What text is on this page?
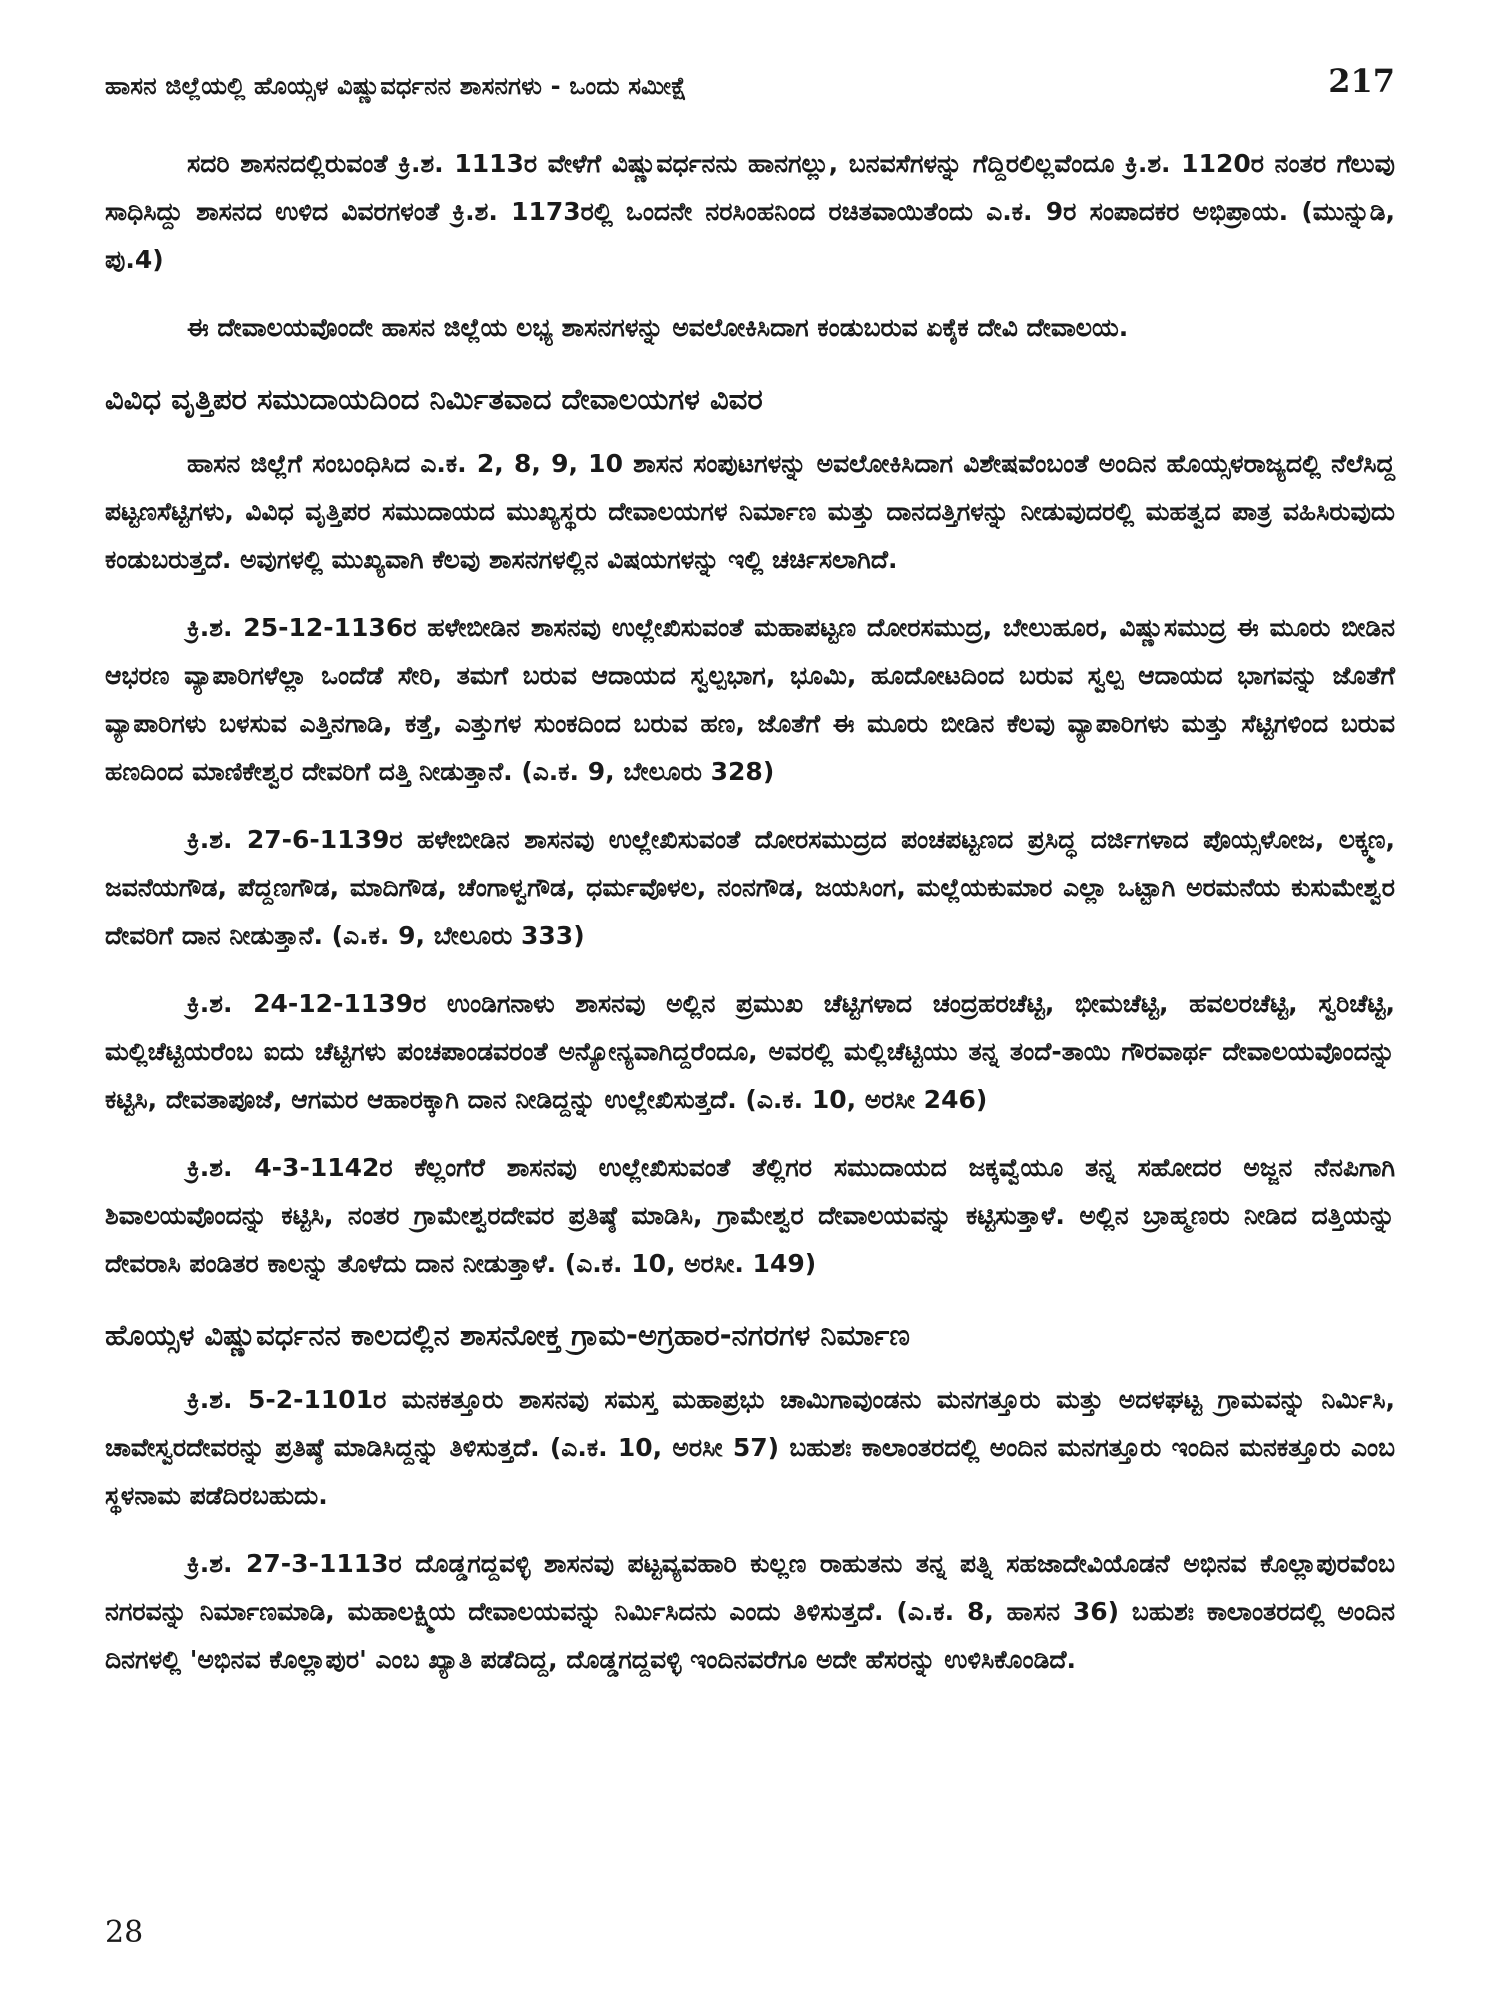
ಹಾಸನ ಜಿಲ್ಲೆಯಲ್ಲಿ ಹೊಯ್ಸಳ ವಿಷ್ಣುವರ್ಧನನ ಶಾಸನಗಳು - ಒಂದು ಸಮೀಕ್ಷೆ	217

ಸದರಿ ಶಾಸನದಲ್ಲಿರುವಂತೆ ಕ್ರಿ.ಶ. 1113ರ ವೇಳೆಗೆ ವಿಷ್ಣುವರ್ಧನನು ಹಾನಗಲ್ಲು, ಬನವಸೆಗಳನ್ನು ಗೆದ್ದಿರಲಿಲ್ಲವೆಂದೂ ಕ್ರಿ.ಶ. 1120ರ ನಂತರ ಗೆಲುವು ಸಾಧಿಸಿದ್ದು ಶಾಸನದ ಉಳಿದ ವಿವರಗಳಂತೆ ಕ್ರಿ.ಶ. 1173ರಲ್ಲಿ ಒಂದನೇ ನರಸಿಂಹನಿಂದ ರಚಿತವಾಯಿತೆಂದು ಎ.ಕ. 9ರ ಸಂಪಾದಕರ ಅಭಿಪ್ರಾಯ. (ಮುನ್ನುಡಿ, ಪು.4)

ಈ ದೇವಾಲಯವೊಂದೇ ಹಾಸನ ಜಿಲ್ಲೆಯ ಲಭ್ಯ ಶಾಸನಗಳನ್ನು ಅವಲೋಕಿಸಿದಾಗ ಕಂಡುಬರುವ ಏಕೈಕ ದೇವಿ ದೇವಾಲಯ.

ವಿವಿಧ ವೃತ್ತಿಪರ ಸಮುದಾಯದಿಂದ ನಿರ್ಮಿತವಾದ ದೇವಾಲಯಗಳ ವಿವರ

ಹಾಸನ ಜಿಲ್ಲೆಗೆ ಸಂಬಂಧಿಸಿದ ಎ.ಕ. 2, 8, 9, 10 ಶಾಸನ ಸಂಪುಟಗಳನ್ನು ಅವಲೋಕಿಸಿದಾಗ ವಿಶೇಷವೆಂಬಂತೆ ಅಂದಿನ ಹೊಯ್ಸಳರಾಜ್ಯದಲ್ಲಿ ನೆಲೆಸಿದ್ದ ಪಟ್ಟಣಸೆಟ್ಟಿಗಳು, ವಿವಿಧ ವೃತ್ತಿಪರ ಸಮುದಾಯದ ಮುಖ್ಯಸ್ಥರು ದೇವಾಲಯಗಳ ನಿರ್ಮಾಣ ಮತ್ತು ದಾನದತ್ತಿಗಳನ್ನು ನೀಡುವುದರಲ್ಲಿ ಮಹತ್ವದ ಪಾತ್ರ ವಹಿಸಿರುವುದು ಕಂಡುಬರುತ್ತದೆ. ಅವುಗಳಲ್ಲಿ ಮುಖ್ಯವಾಗಿ ಕೆಲವು ಶಾಸನಗಳಲ್ಲಿನ ವಿಷಯಗಳನ್ನು ಇಲ್ಲಿ ಚರ್ಚಿಸಲಾಗಿದೆ.

ಕ್ರಿ.ಶ. 25-12-1136ರ ಹಳೇಬೀಡಿನ ಶಾಸನವು ಉಲ್ಲೇಖಿಸುವಂತೆ ಮಹಾಪಟ್ಟಣ ದೋರಸಮುದ್ರ, ಬೇಲುಹೂರ, ವಿಷ್ಣುಸಮುದ್ರ ಈ ಮೂರು ಬೀಡಿನ ಆಭರಣ ವ್ಯಾಪಾರಿಗಳೆಲ್ಲಾ ಒಂದೆಡೆ ಸೇರಿ, ತಮಗೆ ಬರುವ ಆದಾಯದ ಸ್ವಲ್ಪಭಾಗ, ಭೂಮಿ, ಹೂದೋಟದಿಂದ ಬರುವ ಸ್ವಲ್ಪ ಆದಾಯದ ಭಾಗವನ್ನು ಜೊತೆಗೆ ವ್ಯಾಪಾರಿಗಳು ಬಳಸುವ ಎತ್ತಿನಗಾಡಿ, ಕತ್ತೆ, ಎತ್ತುಗಳ ಸುಂಕದಿಂದ ಬರುವ ಹಣ, ಜೊತೆಗೆ ಈ ಮೂರು ಬೀಡಿನ ಕೆಲವು ವ್ಯಾಪಾರಿಗಳು ಮತ್ತು ಸೆಟ್ಟಿಗಳಿಂದ ಬರುವ ಹಣದಿಂದ ಮಾಣಿಕೇಶ್ವರ ದೇವರಿಗೆ ದತ್ತಿ ನೀಡುತ್ತಾನೆ. (ಎ.ಕ. 9, ಬೇಲೂರು 328)

ಕ್ರಿ.ಶ. 27-6-1139ರ ಹಳೇಬೀಡಿನ ಶಾಸನವು ಉಲ್ಲೇಖಿಸುವಂತೆ ದೋರಸಮುದ್ರದ ಪಂಚಪಟ್ಟಣದ ಪ್ರಸಿದ್ಧ ದರ್ಜಿಗಳಾದ ಪೊಯ್ಸಳೋಜ, ಲಕ್ಕ್ಮಣ, ಜವನೆಯಗೌಡ, ಪೆದ್ದಣಗೌಡ, ಮಾದಿಗೌಡ, ಚೆಂಗಾಳ್ವಗೌಡ, ಧರ್ಮವೊಳಲ, ನಂನಗೌಡ, ಜಯಸಿಂಗ, ಮಲ್ಲೆಯಕುಮಾರ ಎಲ್ಲಾ ಒಟ್ಟಾಗಿ ಅರಮನೆಯ ಕುಸುಮೇಶ್ವರ ದೇವರಿಗೆ ದಾನ ನೀಡುತ್ತಾನೆ. (ಎ.ಕ. 9, ಬೇಲೂರು 333)

ಕ್ರಿ.ಶ. 24-12-1139ರ ಉಂಡಿಗನಾಳು ಶಾಸನವು ಅಲ್ಲಿನ ಪ್ರಮುಖ ಚೆಟ್ಟಿಗಳಾದ ಚಂದ್ರಹರಚೆಟ್ಟಿ, ಭೀಮಚೆಟ್ಟಿ, ಹವಲರಚೆಟ್ಟಿ, ಸ್ವರಿಚೆಟ್ಟಿ, ಮಲ್ಲಿಚೆಟ್ಟಿಯರೆಂಬ ಐದು ಚೆಟ್ಟಿಗಳು ಪಂಚಪಾಂಡವರಂತೆ ಅನ್ಯೋನ್ಯವಾಗಿದ್ದರೆಂದೂ, ಅವರಲ್ಲಿ ಮಲ್ಲಿಚೆಟ್ಟಿಯು ತನ್ನ ತಂದೆ-ತಾಯಿ ಗೌರವಾರ್ಥ ದೇವಾಲಯವೊಂದನ್ನು ಕಟ್ಟಿಸಿ, ದೇವತಾಪೂಜೆ, ಆಗಮರ ಆಹಾರಕ್ಕಾಗಿ ದಾನ ನೀಡಿದ್ದನ್ನು ಉಲ್ಲೇಖಿಸುತ್ತದೆ. (ಎ.ಕ. 10, ಅರಸೀ 246)

ಕ್ರಿ.ಶ. 4-3-1142ರ ಕೆಲ್ಲಂಗೆರೆ ಶಾಸನವು ಉಲ್ಲೇಖಿಸುವಂತೆ ತೆಲ್ಲಿಗರ ಸಮುದಾಯದ ಜಕ್ಕವ್ವೆಯೂ ತನ್ನ ಸಹೋದರ ಅಜ್ಜನ ನೆನಪಿಗಾಗಿ ಶಿವಾಲಯವೊಂದನ್ನು ಕಟ್ಟಿಸಿ, ನಂತರ ಗ್ರಾಮೇಶ್ವರದೇವರ ಪ್ರತಿಷ್ಠೆ ಮಾಡಿಸಿ, ಗ್ರಾಮೇಶ್ವರ ದೇವಾಲಯವನ್ನು ಕಟ್ಟಿಸುತ್ತಾಳೆ. ಅಲ್ಲಿನ ಬ್ರಾಹ್ಮಣರು ನೀಡಿದ ದತ್ತಿಯನ್ನು ದೇವರಾಸಿ ಪಂಡಿತರ ಕಾಲನ್ನು ತೊಳೆದು ದಾನ ನೀಡುತ್ತಾಳೆ. (ಎ.ಕ. 10, ಅರಸೀ. 149)

ಹೊಯ್ಸಳ ವಿಷ್ಣುವರ್ಧನನ ಕಾಲದಲ್ಲಿನ ಶಾಸನೋಕ್ತ ಗ್ರಾಮ-ಅಗ್ರಹಾರ-ನಗರಗಳ ನಿರ್ಮಾಣ

ಕ್ರಿ.ಶ. 5-2-1101ರ ಮನಕತ್ತೂರು ಶಾಸನವು ಸಮಸ್ತ ಮಹಾಪ್ರಭು ಚಾಮಿಗಾವುಂಡನು ಮನಗತ್ತೂರು ಮತ್ತು ಅದಳಘಟ್ಟ ಗ್ರಾಮವನ್ನು ನಿರ್ಮಿಸಿ, ಚಾವೇಸ್ವರದೇವರನ್ನು ಪ್ರತಿಷ್ಠೆ ಮಾಡಿಸಿದ್ದನ್ನು ತಿಳಿಸುತ್ತದೆ. (ಎ.ಕ. 10, ಅರಸೀ 57) ಬಹುಶಃ ಕಾಲಾಂತರದಲ್ಲಿ ಅಂದಿನ ಮನಗತ್ತೂರು ಇಂದಿನ ಮನಕತ್ತೂರು ಎಂಬ ಸ್ಥಳನಾಮ ಪಡೆದಿರಬಹುದು.

ಕ್ರಿ.ಶ. 27-3-1113ರ ದೊಡ್ಡಗದ್ದವಳ್ಳಿ ಶಾಸನವು ಪಟ್ಟವ್ಯವಹಾರಿ ಕುಲ್ಲಣ ರಾಹುತನು ತನ್ನ ಪತ್ನಿ ಸಹಜಾದೇವಿಯೊಡನೆ ಅಭಿನವ ಕೊಲ್ಲಾಪುರವೆಂಬ ನಗರವನ್ನು ನಿರ್ಮಾಣಮಾಡಿ, ಮಹಾಲಕ್ಷ್ಮಿಯ ದೇವಾಲಯವನ್ನು ನಿರ್ಮಿಸಿದನು ಎಂದು ತಿಳಿಸುತ್ತದೆ. (ಎ.ಕ. 8, ಹಾಸನ 36) ಬಹುಶಃ ಕಾಲಾಂತರದಲ್ಲಿ ಅಂದಿನ ದಿನಗಳಲ್ಲಿ 'ಅಭಿನವ ಕೊಲ್ಲಾಪುರ' ಎಂಬ ಖ್ಯಾತಿ ಪಡೆದಿದ್ದ, ದೊಡ್ಡಗದ್ದವಳ್ಳಿ ಇಂದಿನವರೆಗೂ ಅದೇ ಹೆಸರನ್ನು ಉಳಿಸಿಕೊಂಡಿದೆ.

28
